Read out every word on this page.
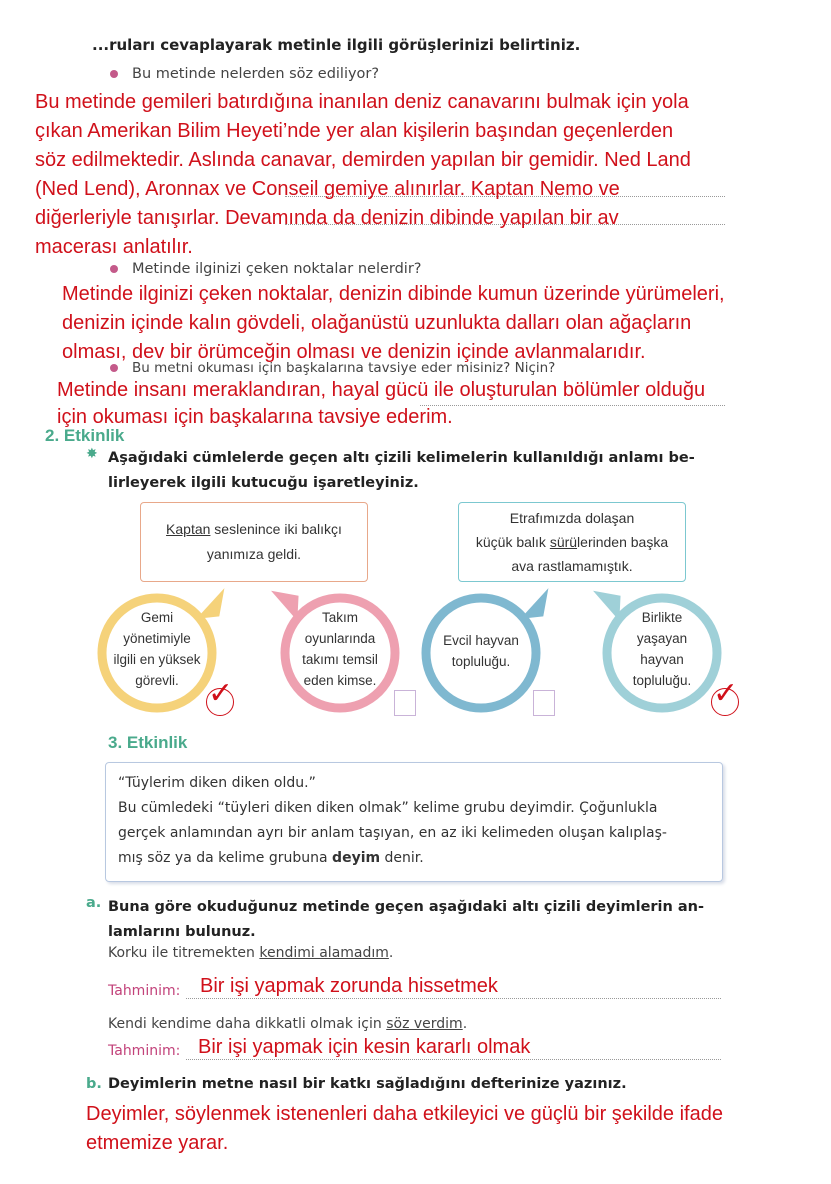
...ruları cevaplayarak metinle ilgili görüşlerinizi belirtiniz.
Bu metinde nelerden söz ediliyor?
Bu metinde gemileri batırdığına inanılan deniz canavarını bulmak için yola
çıkan Amerikan Bilim Heyeti’nde yer alan kişilerin başından geçenlerden
söz edilmektedir. Aslında canavar, demirden yapılan bir gemidir. Ned Land
(Ned Lend), Aronnax ve Conseil gemiye alınırlar. Kaptan Nemo ve
diğerleriyle tanışırlar. Devamında da denizin dibinde yapılan bir av
macerası anlatılır.
Metinde ilginizi çeken noktalar nelerdir?
Metinde ilginizi çeken noktalar, denizin dibinde kumun üzerinde yürümeleri,
denizin içinde kalın gövdeli, olağanüstü uzunlukta dalları olan ağaçların
olması, dev bir örümceğin olması ve denizin içinde avlanmalarıdır.
Bu metni okuması için başkalarına tavsiye eder misiniz? Niçin?
Metinde insanı meraklandıran, hayal gücü ile oluşturulan bölümler olduğu
için okuması için başkalarına tavsiye ederim.
2. Etkinlik
✸ Aşağıdaki cümlelerde geçen altı çizili kelimelerin kullanıldığı anlamı be-
lirleyerek ilgili kutucuğu işaretleyiniz.
Kaptan seslenince iki balıkçı
yanımıza geldi.
Etrafımızda dolaşan
küçük balık sürülerinden başka
ava rastlamamıştık.
Gemi
yönetimiyle
ilgili en yüksek
görevli.
Takım
oyunlarında
takımı temsil
eden kimse.
Evcil hayvan
topluluğu.
Birlikte
yaşayan
hayvan
topluluğu.
✓	✓
3. Etkinlik
“Tüylerim diken diken oldu.”
Bu cümledeki “tüyleri diken diken olmak” kelime grubu deyimdir. Çoğunlukla
gerçek anlamından ayrı bir anlam taşıyan, en az iki kelimeden oluşan kalıplaş-
mış söz ya da kelime grubuna deyim denir.
a. Buna göre okuduğunuz metinde geçen aşağıdaki altı çizili deyimlerin an-
lamlarını bulunuz.
Korku ile titremekten kendimi alamadım.
Tahminim: Bir işi yapmak zorunda hissetmek
Kendi kendime daha dikkatli olmak için söz verdim.
Tahminim: Bir işi yapmak için kesin kararlı olmak
b. Deyimlerin metne nasıl bir katkı sağladığını defterinize yazınız.
Deyimler, söylenmek istenenleri daha etkileyici ve güçlü bir şekilde ifade
etmemize yarar.
